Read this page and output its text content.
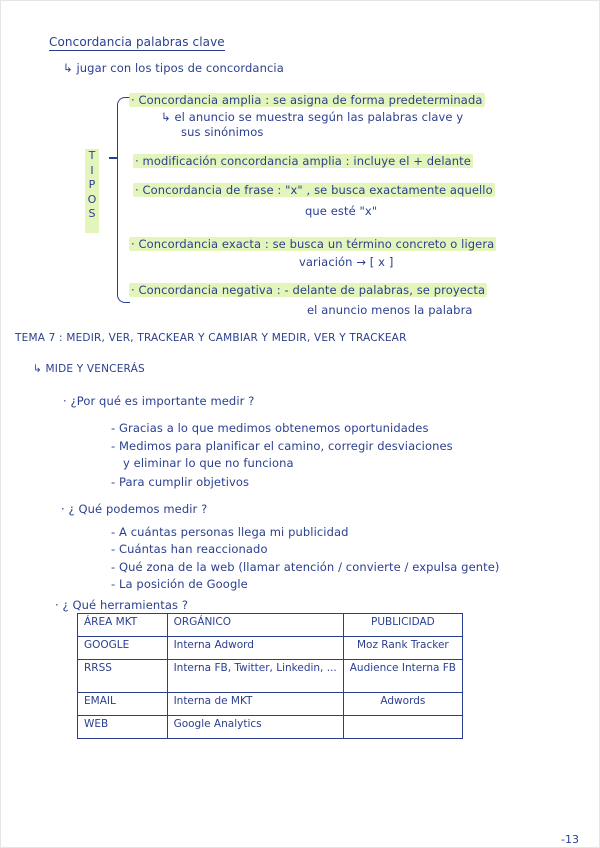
Concordancia palabras clave
↳ jugar con los tipos de concordancia
T
I
P
O
S
· Concordancia amplia : se asigna de forma predeterminada
↳ el anuncio se muestra según las palabras clave y
sus sinónimos
· modificación concordancia amplia : incluye el + delante
· Concordancia de frase : "x" , se busca exactamente aquello
que esté "x"
· Concordancia exacta : se busca un término concreto o ligera
variación → [ x ]
· Concordancia negativa : - delante de palabras, se proyecta
el anuncio menos la palabra
TEMA 7 : MEDIR, VER, TRACKEAR Y CAMBIAR Y MEDIR, VER Y TRACKEAR
↳ MIDE Y VENCERÁS
· ¿Por qué es importante medir ?
- Gracias a lo que medimos obtenemos oportunidades
- Medimos para planificar el camino, corregir desviaciones
y eliminar lo que no funciona
- Para cumplir objetivos
· ¿ Qué podemos medir ?
- A cuántas personas llega mi publicidad
- Cuántas han reaccionado
- Qué zona de la web (llamar atención / convierte / expulsa gente)
- La posición de Google
· ¿ Qué herramientas ?
ÁREA MKT	ORGÁNICO	PUBLICIDAD
GOOGLE	Interna Adword	Moz Rank Tracker
RRSS	Interna FB, Twitter, Linkedin, ...	Audience Interna FB
EMAIL	Interna de MKT	Adwords
WEB	Google Analytics	
-13
